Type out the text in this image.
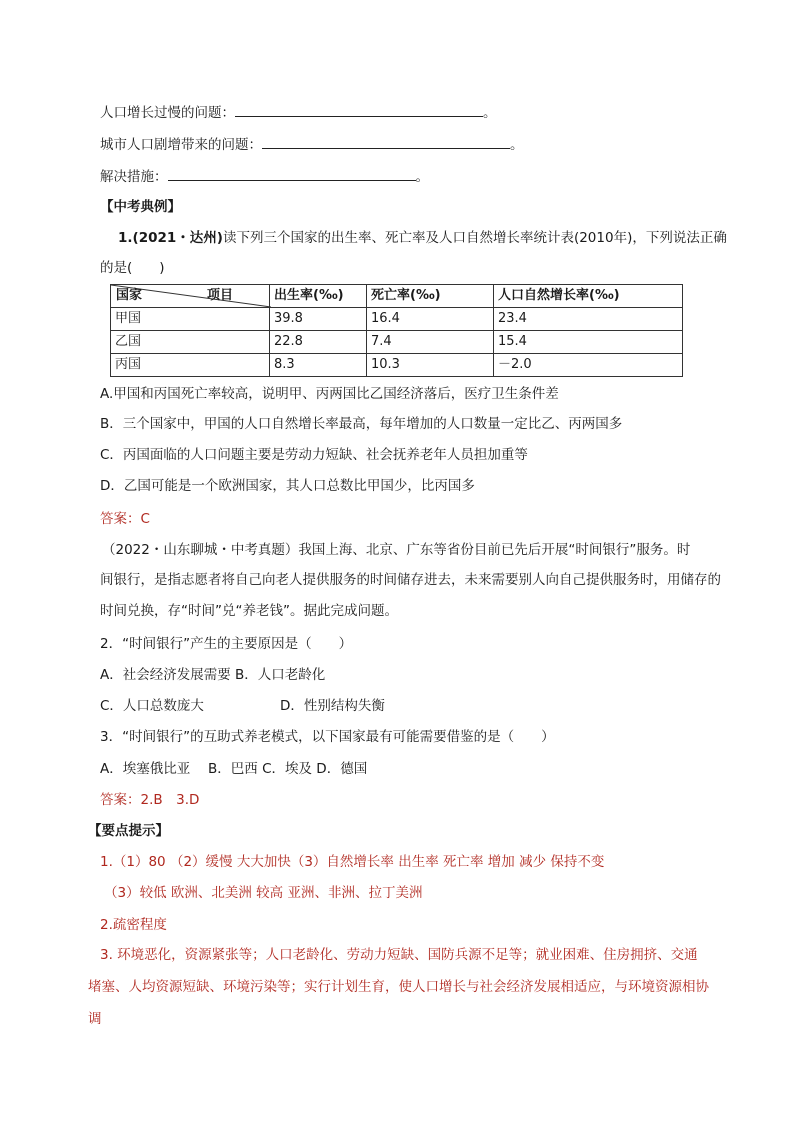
人口增长过慢的问题：	。
城市人口剧增带来的问题：	。
解决措施：	。
【中考典例】
1.(2021・达州)读下列三个国家的出生率、死亡率及人口自然增长率统计表(2010年)，下列说法正确
的是(　　)
国家 项目	出生率(‰)	死亡率(‰)	人口自然增长率(‰)
甲国	39.8	16.4	23.4
乙国	22.8	7.4	15.4
丙国	8.3	10.3	－2.0
A.甲国和丙国死亡率较高，说明甲、丙两国比乙国经济落后，医疗卫生条件差
B．三个国家中，甲国的人口自然增长率最高，每年增加的人口数量一定比乙、丙两国多
C．丙国面临的人口问题主要是劳动力短缺、社会抚养老年人员担加重等
D．乙国可能是一个欧洲国家，其人口总数比甲国少，比丙国多
答案：C
（2022・山东聊城・中考真题）我国上海、北京、广东等省份目前已先后开展“时间银行”服务。时
间银行，是指志愿者将自己向老人提供服务的时间储存进去，未来需要别人向自己提供服务时，用储存的
时间兑换，存“时间”兑“养老钱”。据此完成问题。
2．“时间银行”产生的主要原因是（　　）
A．社会经济发展需要 B．人口老龄化
C．人口总数庞大	D．性别结构失衡
3．“时间银行”的互助式养老模式，以下国家最有可能需要借鉴的是（　　）
A．埃塞俄比亚　 B．巴西 C．埃及 D．德国
答案：2.B　3.D
【要点提示】
1.（1）80 （2）缓慢 大大加快（3）自然增长率 出生率 死亡率 增加 减少 保持不变
（3）较低 欧洲、北美洲 较高 亚洲、非洲、拉丁美洲
2.疏密程度
3. 环境恶化，资源紧张等；人口老龄化、劳动力短缺、国防兵源不足等；就业困难、住房拥挤、交通
堵塞、人均资源短缺、环境污染等；实行计划生育，使人口增长与社会经济发展相适应，与环境资源相协
调
